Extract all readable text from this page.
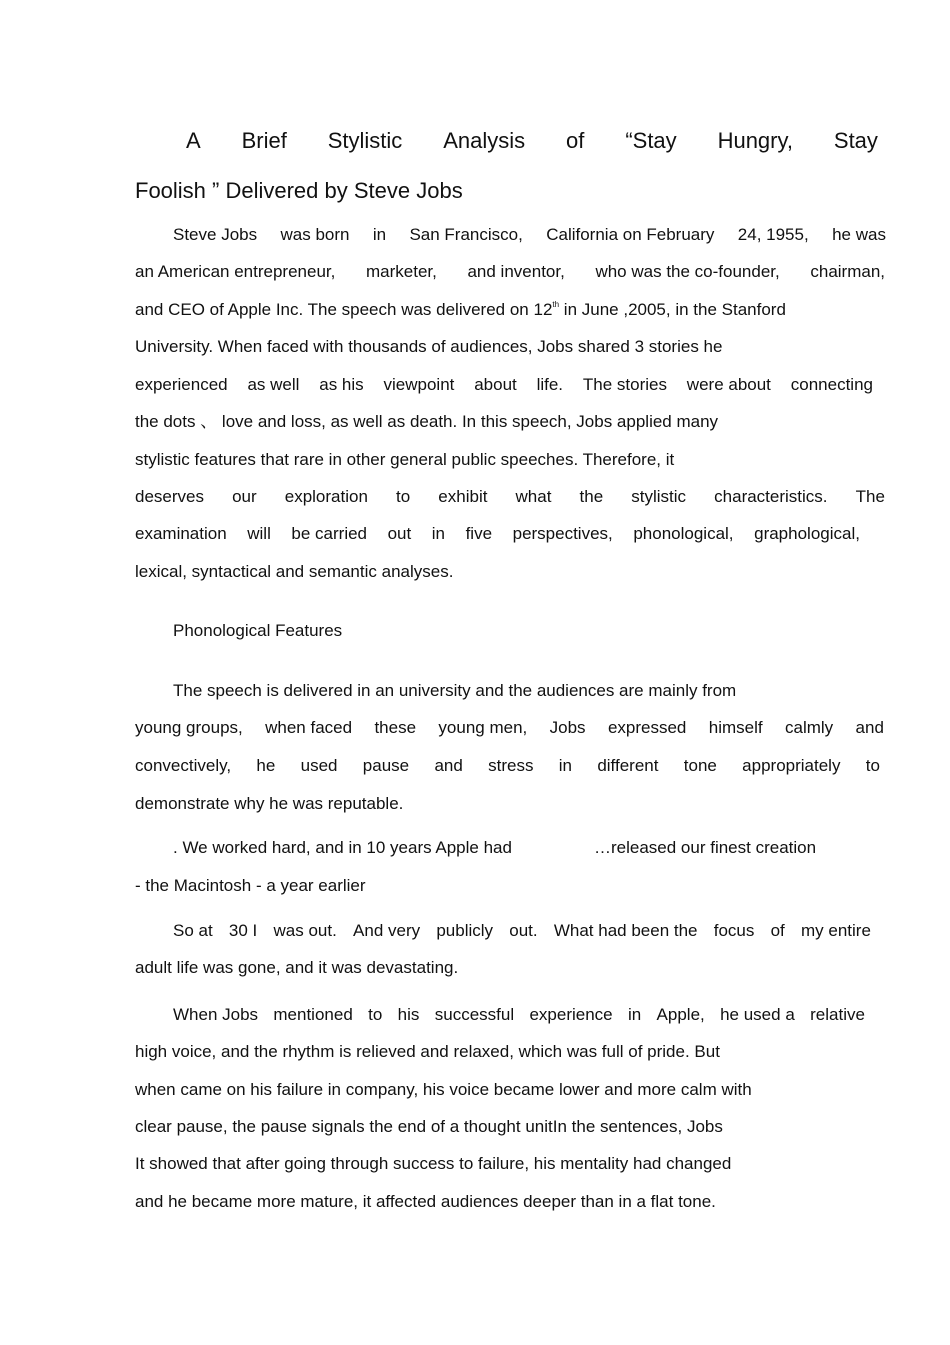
A Brief Stylistic Analysis of “Stay Hungry, Stay
Foolish ” Delivered by Steve Jobs
Steve Jobs was born in San Francisco, California on February 24, 1955, he was
an American entrepreneur, marketer, and inventor, who was the co-founder, chairman,
and CEO of Apple Inc. The speech was delivered on 12th in June ,2005, in the Stanford
University. When faced with thousands of audiences, Jobs shared 3 stories he
experienced as well as his viewpoint about life. The stories were about connecting
the dots 、 love and loss, as well as death. In this speech, Jobs applied many
stylistic features that rare in other general public speeches. Therefore, it
deserves our exploration to exhibit what the stylistic characteristics. The
examination will be carried out in five perspectives, phonological, graphological,
lexical, syntactical and semantic analyses.
Phonological Features
The speech is delivered in an university and the audiences are mainly from
young groups, when faced these young men, Jobs expressed himself calmly and
convectively, he used pause and stress in different tone appropriately to
demonstrate why he was reputable.
. We worked hard, and in 10 years Apple had	…released our finest creation
- the Macintosh - a year earlier
So at 30 I was out. And very publicly out. What had been the focus of my entire
adult life was gone, and it was devastating.
When Jobs mentioned to his successful experience in Apple, he used a relative
high voice, and the rhythm is relieved and relaxed, which was full of pride. But
when came on his failure in company, his voice became lower and more calm with
clear pause, the pause signals the end of a thought unitIn the sentences, Jobs
It showed that after going through success to failure, his mentality had changed
and he became more mature, it affected audiences deeper than in a flat tone.
